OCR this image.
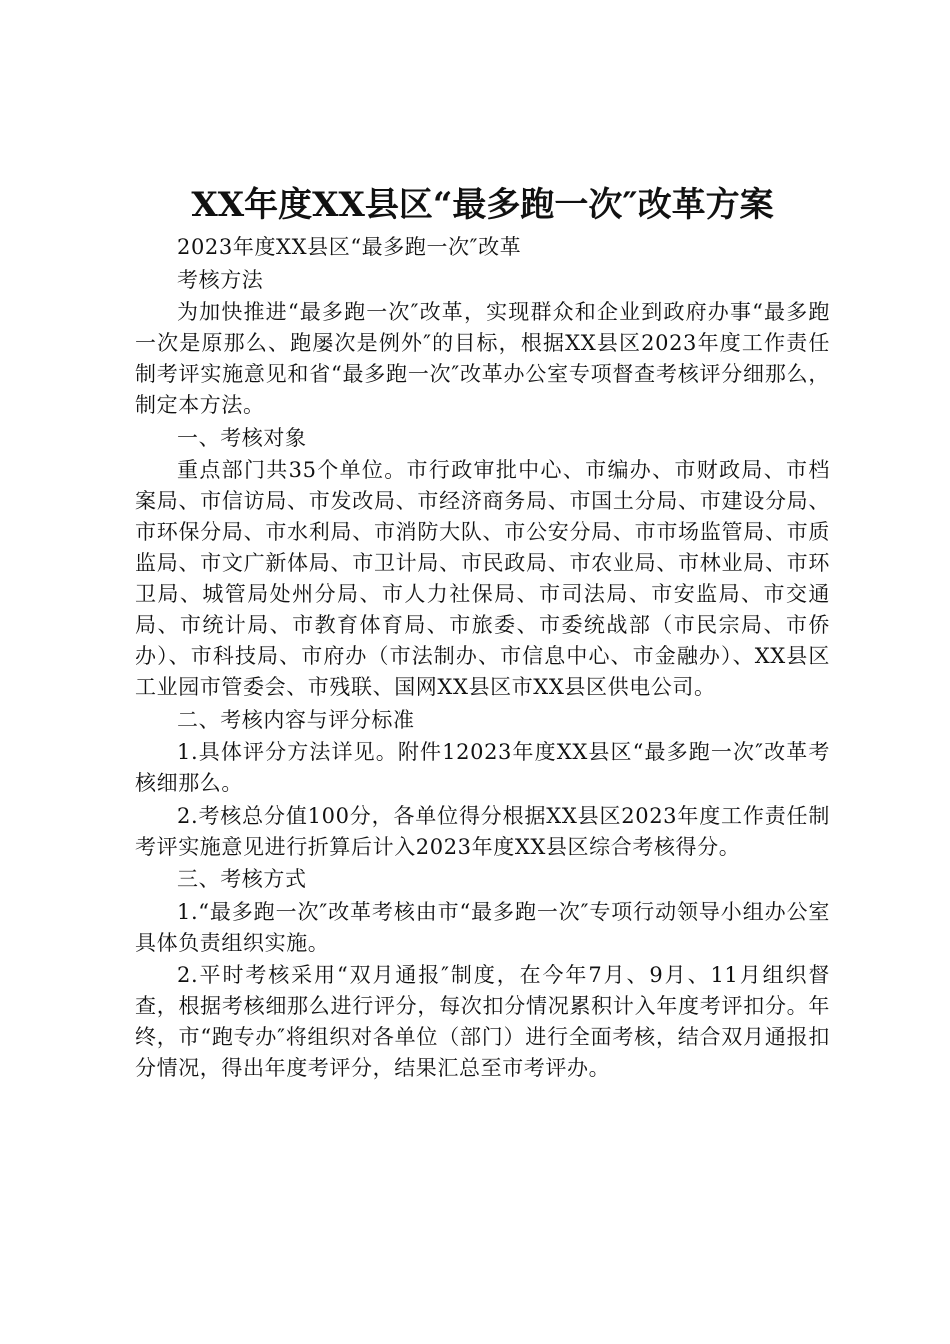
XX年度XX县区“最多跑一次″改革方案

2023年度XX县区“最多跑一次″改革

考核方法

为加快推进“最多跑一次″改革，实现群众和企业到政府办事“最多跑一次是原那么、跑屡次是例外″的目标，根据XX县区2023年度工作责任制考评实施意见和省“最多跑一次″改革办公室专项督查考核评分细那么，制定本方法。

一、考核对象

重点部门共35个单位。市行政审批中心、市编办、市财政局、市档案局、市信访局、市发改局、市经济商务局、市国土分局、市建设分局、市环保分局、市水利局、市消防大队、市公安分局、市市场监管局、市质监局、市文广新体局、市卫计局、市民政局、市农业局、市林业局、市环卫局、城管局处州分局、市人力社保局、市司法局、市安监局、市交通局、市统计局、市教育体育局、市旅委、市委统战部（市民宗局、市侨办）、市科技局、市府办（市法制办、市信息中心、市金融办）、XX县区工业园市管委会、市残联、国网XX县区市XX县区供电公司。

二、考核内容与评分标准

1.具体评分方法详见。附件12023年度XX县区“最多跑一次″改革考核细那么。

2.考核总分值100分，各单位得分根据XX县区2023年度工作责任制考评实施意见进行折算后计入2023年度XX县区综合考核得分。

三、考核方式

1.“最多跑一次″改革考核由市“最多跑一次″专项行动领导小组办公室具体负责组织实施。

2.平时考核采用“双月通报″制度，在今年7月、9月、11月组织督查，根据考核细那么进行评分，每次扣分情况累积计入年度考评扣分。年终，市“跑专办″将组织对各单位（部门）进行全面考核，结合双月通报扣分情况，得出年度考评分，结果汇总至市考评办。
